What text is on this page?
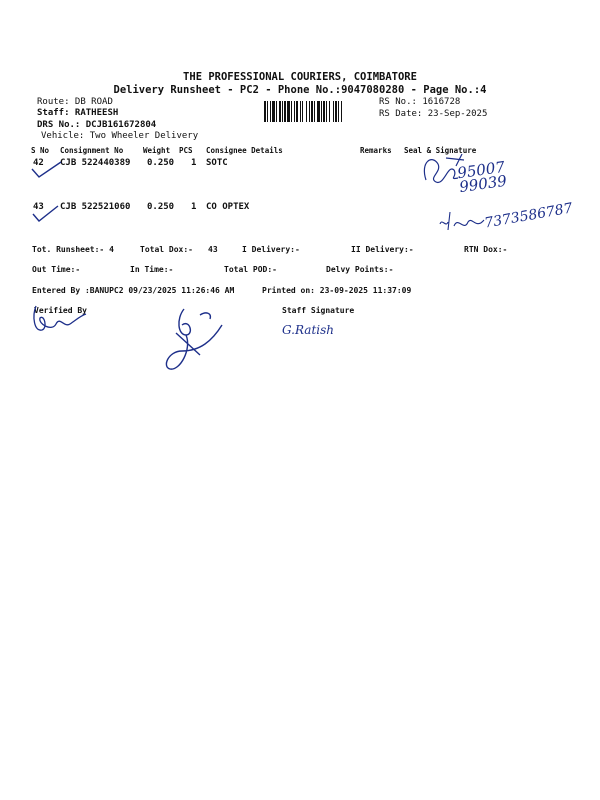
THE PROFESSIONAL COURIERS, COIMBATORE
Delivery Runsheet - PC2 - Phone No.:9047080280 - Page No.:4
Route: DB ROAD
Staff: RATHEESH
DRS No.: DCJB161672804
Vehicle: Two Wheeler Delivery
RS No.: 1616728
RS Date: 23-Sep-2025
S No Consignment No	Weight PCS Consignee Details	Remarks Seal & Signature
42 CJB 522440389 0.250 1 SOTC
43 CJB 522521060 0.250 1 CO OPTEX
95007 99039
7373586787
Tot. Runsheet:- 4	Total Dox:- 43	I Delivery:-	II Delivery:-	RTN Dox:-
Out Time:-	In Time:-	Total POD:-	Delvy Points:-
Entered By :BANUPC2 09/23/2025 11:26:46 AM	Printed on: 23-09-2025 11:37:09
Verified By	Staff Signature
G.Ratish
